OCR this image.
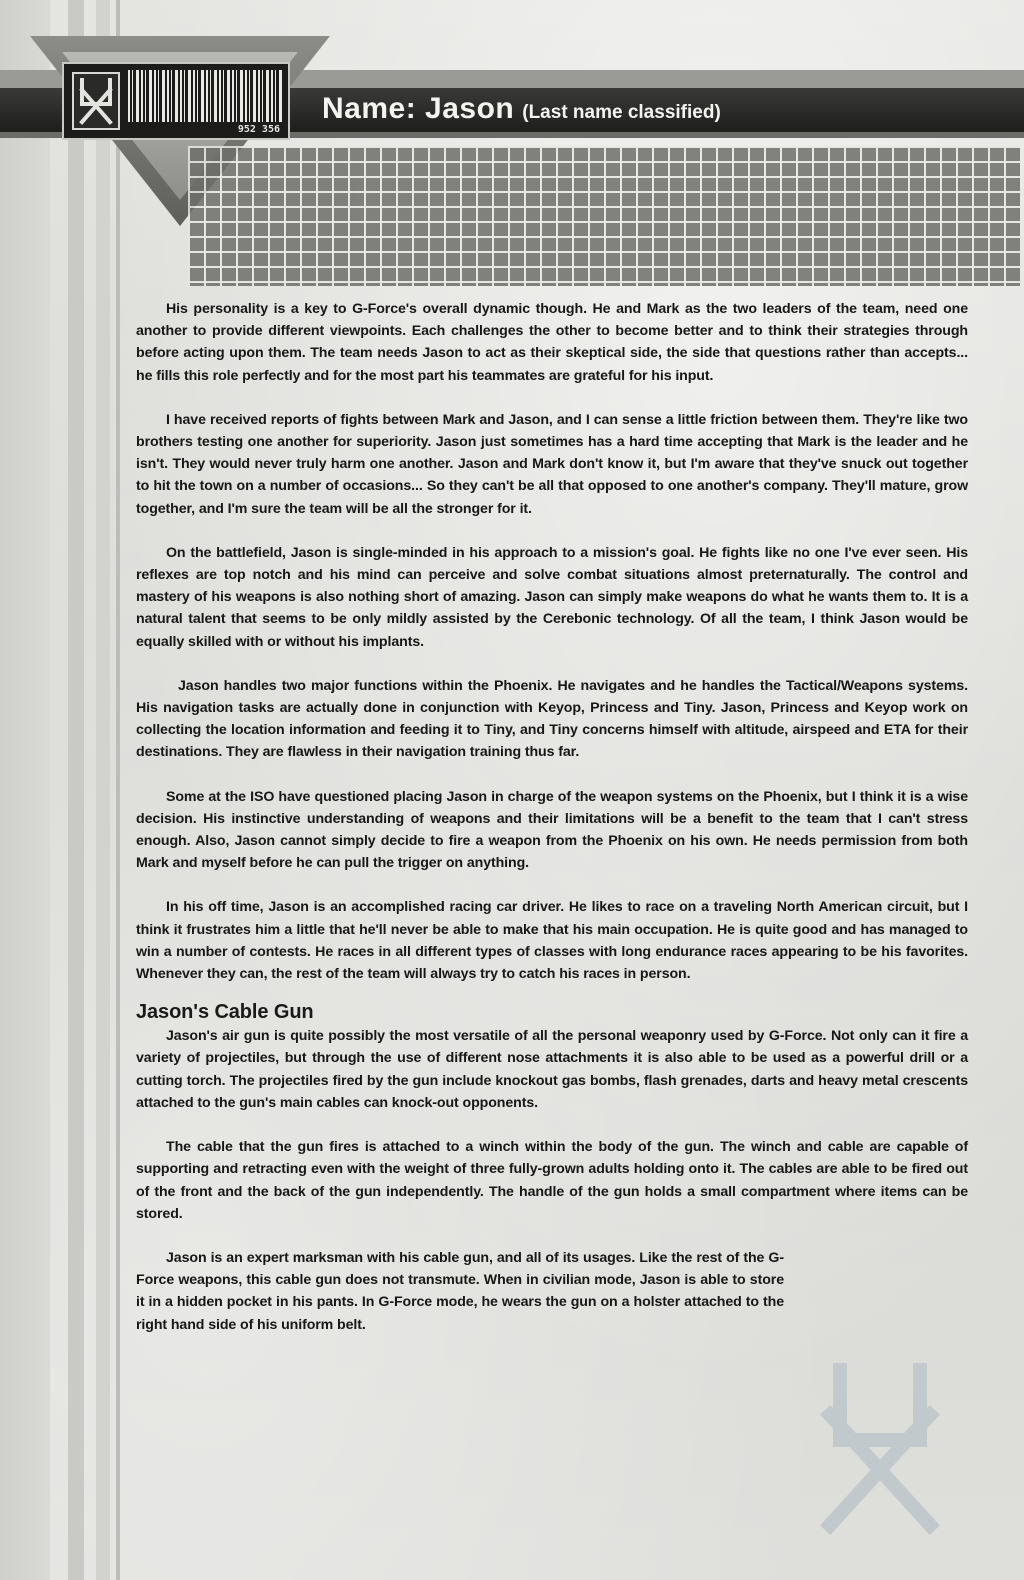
952 356
Name: Jason (Last name classified)

His personality is a key to G-Force's overall dynamic though. He and Mark as the two leaders of the team, need one another to provide different viewpoints. Each challenges the other to become better and to think their strategies through before acting upon them. The team needs Jason to act as their skeptical side, the side that questions rather than accepts... he fills this role perfectly and for the most part his teammates are grateful for his input.

I have received reports of fights between Mark and Jason, and I can sense a little friction between them. They're like two brothers testing one another for superiority. Jason just sometimes has a hard time accepting that Mark is the leader and he isn't. They would never truly harm one another. Jason and Mark don't know it, but I'm aware that they've snuck out together to hit the town on a number of occasions... So they can't be all that opposed to one another's company. They'll mature, grow together, and I'm sure the team will be all the stronger for it.

On the battlefield, Jason is single-minded in his approach to a mission's goal. He fights like no one I've ever seen. His reflexes are top notch and his mind can perceive and solve combat situations almost preternaturally. The control and mastery of his weapons is also nothing short of amazing. Jason can simply make weapons do what he wants them to. It is a natural talent that seems to be only mildly assisted by the Cerebonic technology. Of all the team, I think Jason would be equally skilled with or without his implants.

Jason handles two major functions within the Phoenix. He navigates and he handles the Tactical/Weapons systems. His navigation tasks are actually done in conjunction with Keyop, Princess and Tiny. Jason, Princess and Keyop work on collecting the location information and feeding it to Tiny, and Tiny concerns himself with altitude, airspeed and ETA for their destinations. They are flawless in their navigation training thus far.

Some at the ISO have questioned placing Jason in charge of the weapon systems on the Phoenix, but I think it is a wise decision. His instinctive understanding of weapons and their limitations will be a benefit to the team that I can't stress enough. Also, Jason cannot simply decide to fire a weapon from the Phoenix on his own. He needs permission from both Mark and myself before he can pull the trigger on anything.

In his off time, Jason is an accomplished racing car driver. He likes to race on a traveling North American circuit, but I think it frustrates him a little that he'll never be able to make that his main occupation. He is quite good and has managed to win a number of contests. He races in all different types of classes with long endurance races appearing to be his favorites. Whenever they can, the rest of the team will always try to catch his races in person.

Jason's Cable Gun

Jason's air gun is quite possibly the most versatile of all the personal weaponry used by G-Force. Not only can it fire a variety of projectiles, but through the use of different nose attachments it is also able to be used as a powerful drill or a cutting torch. The projectiles fired by the gun include knockout gas bombs, flash grenades, darts and heavy metal crescents attached to the gun's main cables can knock-out opponents.

The cable that the gun fires is attached to a winch within the body of the gun. The winch and cable are capable of supporting and retracting even with the weight of three fully-grown adults holding onto it. The cables are able to be fired out of the front and the back of the gun independently. The handle of the gun holds a small compartment where items can be stored.

Jason is an expert marksman with his cable gun, and all of its usages. Like the rest of the G-Force weapons, this cable gun does not transmute. When in civilian mode, Jason is able to store it in a hidden pocket in his pants. In G-Force mode, he wears the gun on a holster attached to the right hand side of his uniform belt.
